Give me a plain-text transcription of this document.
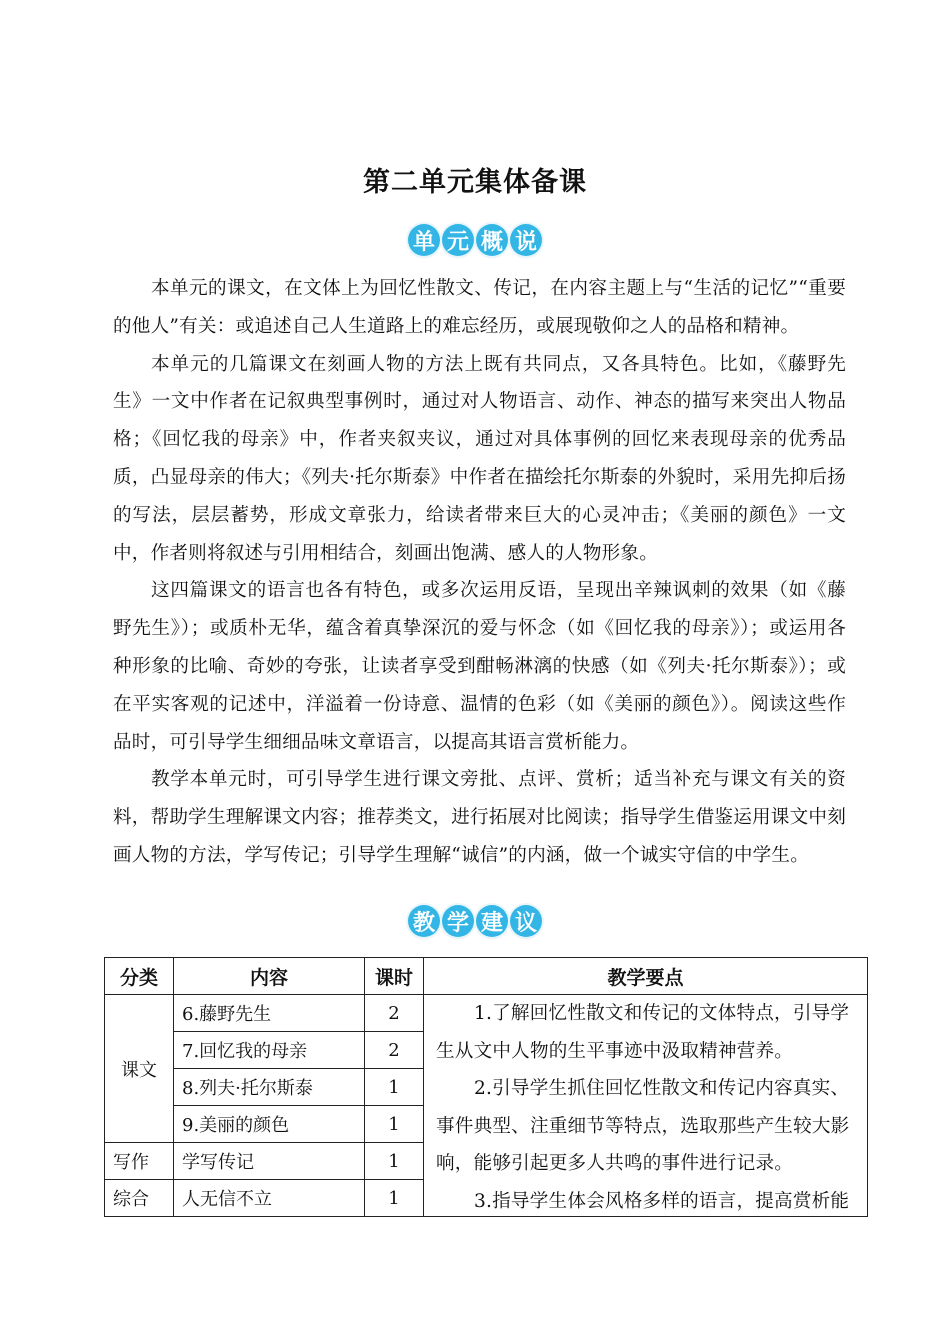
第二单元集体备课
单 元 概 说

本单元的课文，在文体上为回忆性散文、传记，在内容主题上与“生活的记忆”“重要的他人”有关：或追述自己人生道路上的难忘经历，或展现敬仰之人的品格和精神。

本单元的几篇课文在刻画人物的方法上既有共同点，又各具特色。比如，《藤野先生》一文中作者在记叙典型事例时，通过对人物语言、动作、神态的描写来突出人物品格；《回忆我的母亲》中，作者夹叙夹议，通过对具体事例的回忆来表现母亲的优秀品质，凸显母亲的伟大；《列夫·托尔斯泰》中作者在描绘托尔斯泰的外貌时，采用先抑后扬的写法，层层蓄势，形成文章张力，给读者带来巨大的心灵冲击；《美丽的颜色》一文中，作者则将叙述与引用相结合，刻画出饱满、感人的人物形象。

这四篇课文的语言也各有特色，或多次运用反语，呈现出辛辣讽刺的效果（如《藤野先生》）；或质朴无华，蕴含着真挚深沉的爱与怀念（如《回忆我的母亲》）；或运用各种形象的比喻、奇妙的夸张，让读者享受到酣畅淋漓的快感（如《列夫·托尔斯泰》）；或在平实客观的记述中，洋溢着一份诗意、温情的色彩（如《美丽的颜色》）。阅读这些作品时，可引导学生细细品味文章语言，以提高其语言赏析能力。

教学本单元时，可引导学生进行课文旁批、点评、赏析；适当补充与课文有关的资料，帮助学生理解课文内容；推荐类文，进行拓展对比阅读；指导学生借鉴运用课文中刻画人物的方法，学写传记；引导学生理解“诚信”的内涵，做一个诚实守信的中学生。

教 学 建 议
分类	内容	课时	教学要点
课文	6.藤野先生	2	1.了解回忆性散文和传记的文体特点，引导学生从文中人物的生平事迹中汲取精神营养。

2.引导学生抓住回忆性散文和传记内容真实、事件典型、注重细节等特点，选取那些产生较大影响，能够引起更多人共鸣的事件进行记录。

3.指导学生体会风格多样的语言，提高赏析能

	7.回忆我的母亲	2	
	8.列夫·托尔斯泰	1	
	9.美丽的颜色	1	
写作	学写传记	1	
综合	人无信不立	1	
